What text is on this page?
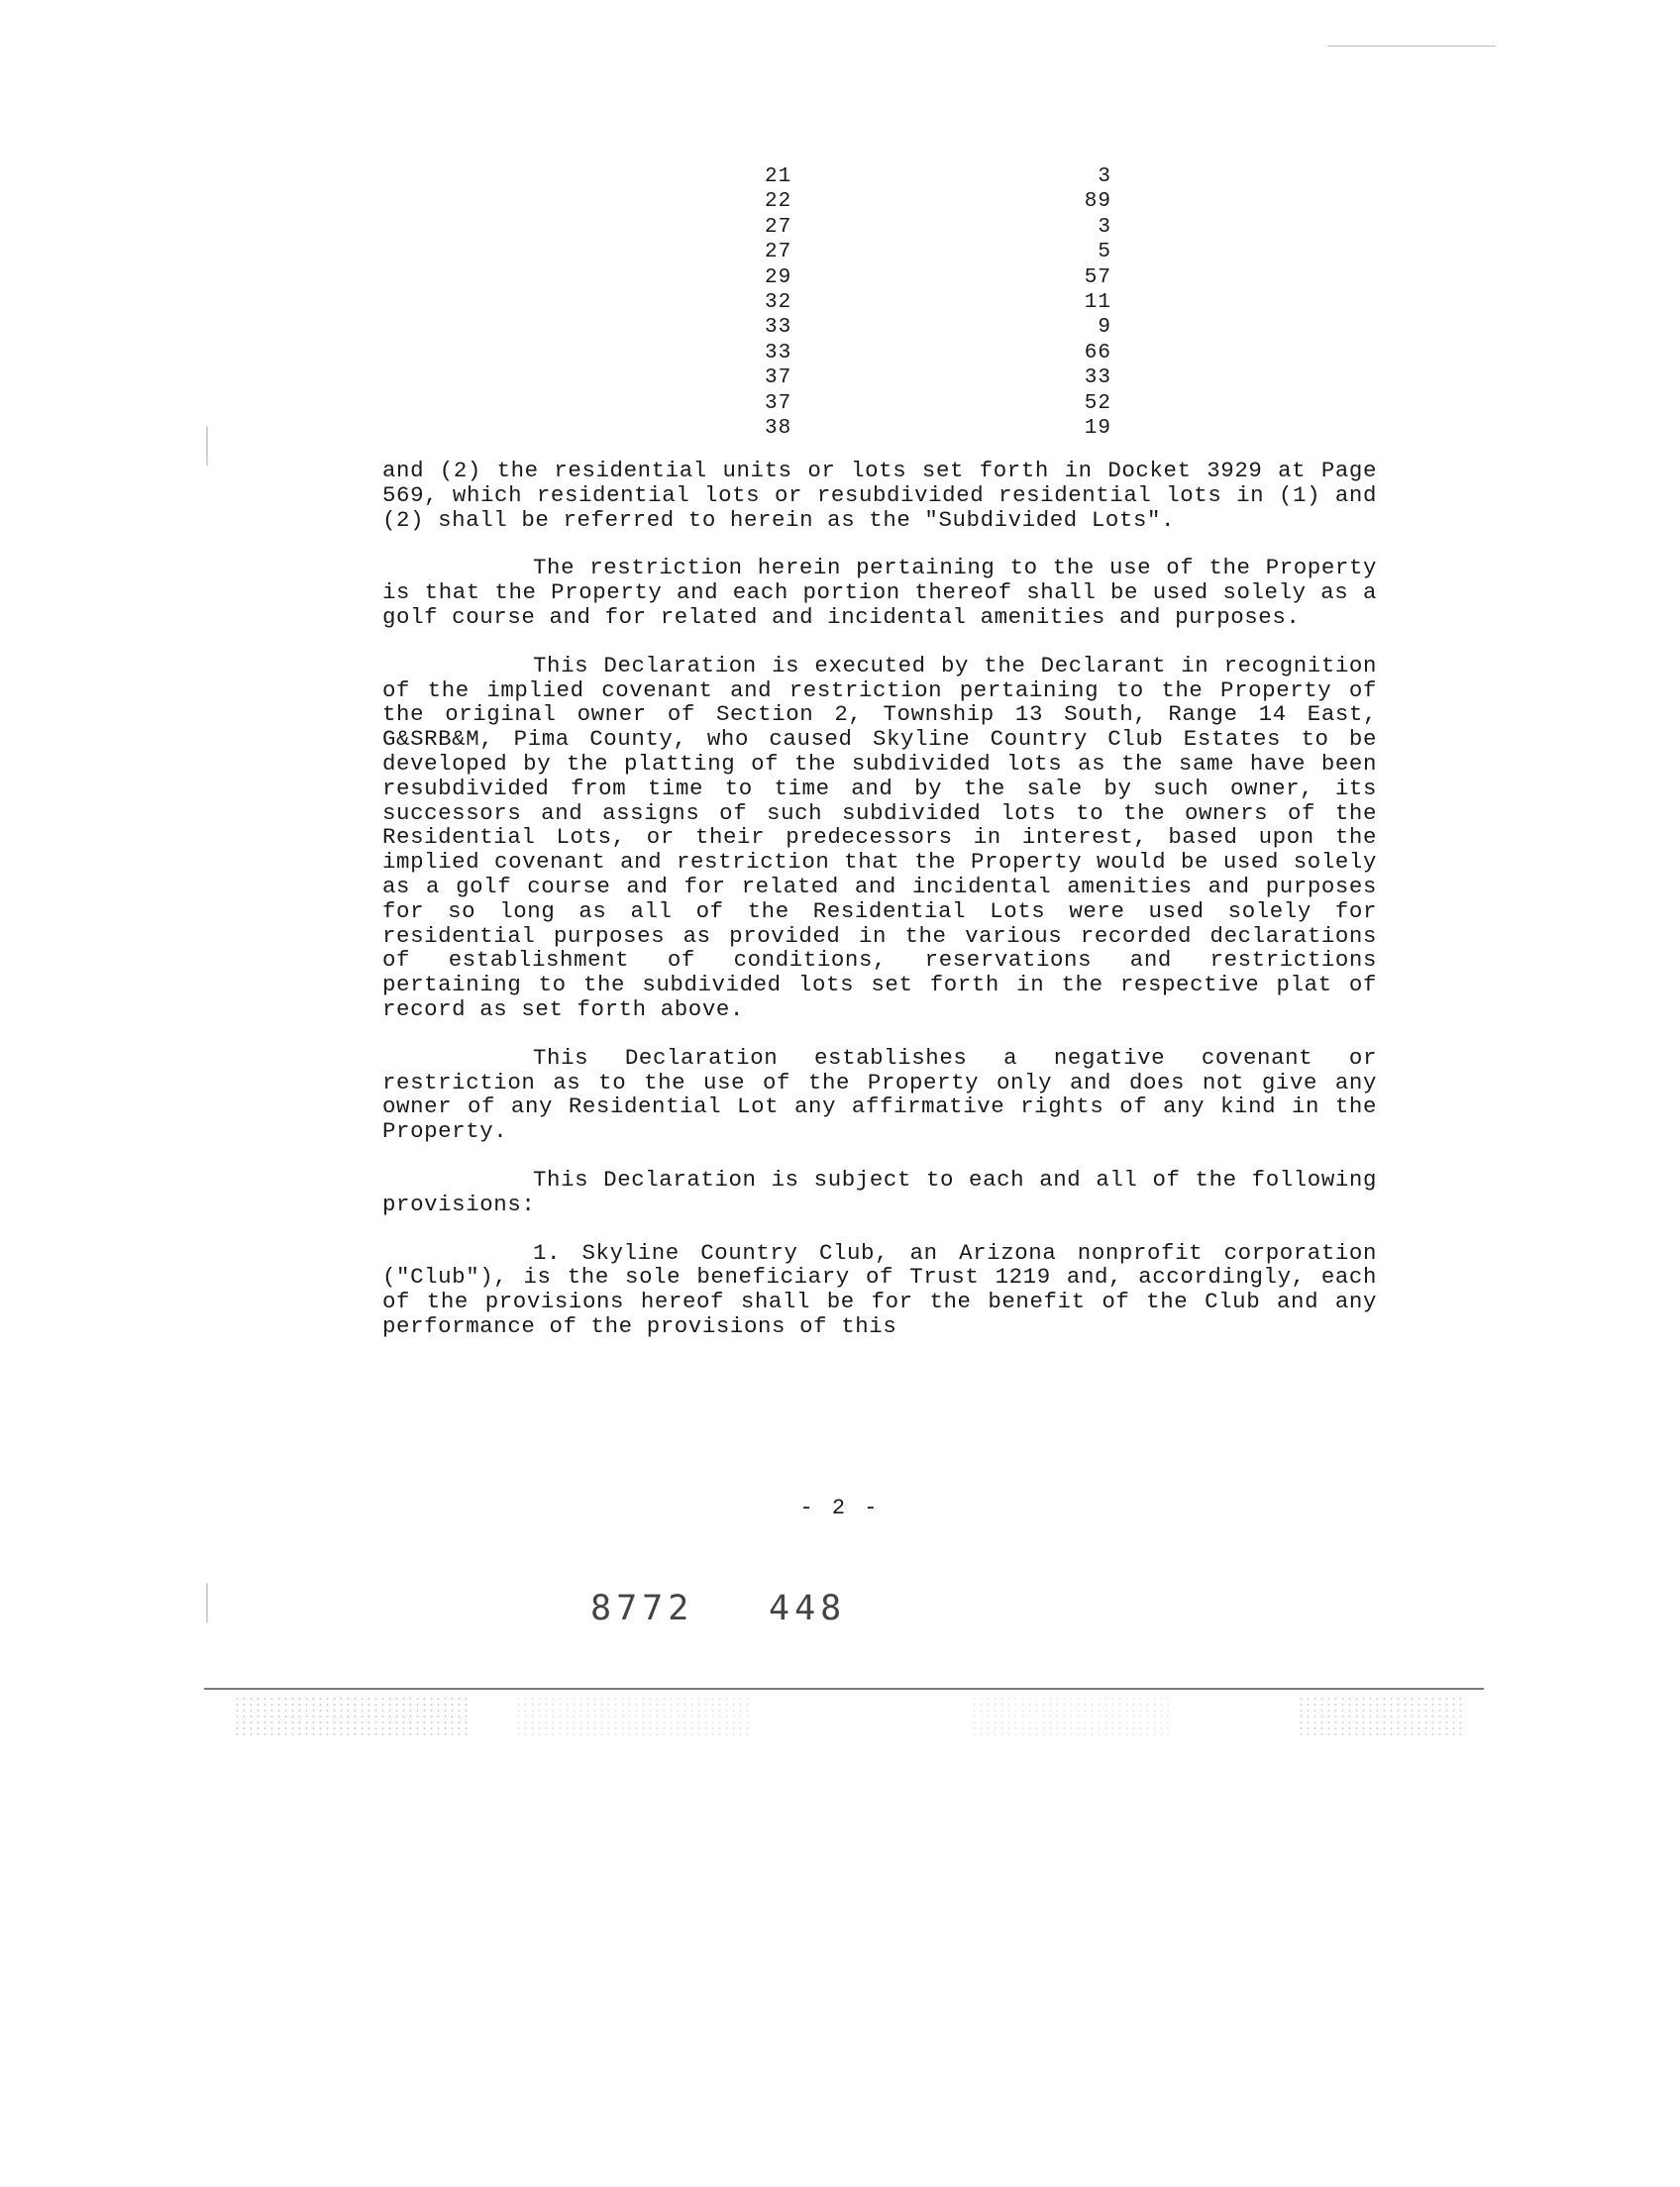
21	3
22	89
27	3
27	5
29	57
32	11
33	9
33	66
37	33
37	52
38	19

and (2) the residential units or lots set forth in Docket 3929 at Page 569, which residential lots or resubdivided residential lots in (1) and (2) shall be referred to herein as the "Subdivided Lots".

The restriction herein pertaining to the use of the Property is that the Property and each portion thereof shall be used solely as a golf course and for related and incidental amenities and purposes.

This Declaration is executed by the Declarant in recognition of the implied covenant and restriction pertaining to the Property of the original owner of Section 2, Township 13 South, Range 14 East, G&SRB&M, Pima County, who caused Skyline Country Club Estates to be developed by the platting of the subdivided lots as the same have been resubdivided from time to time and by the sale by such owner, its successors and assigns of such subdivided lots to the owners of the Residential Lots, or their predecessors in interest, based upon the implied covenant and restriction that the Property would be used solely as a golf course and for related and incidental amenities and purposes for so long as all of the Residential Lots were used solely for residential purposes as provided in the various recorded declarations of establishment of conditions, reservations and restrictions pertaining to the subdivided lots set forth in the respective plat of record as set forth above.

This Declaration establishes a negative covenant or restriction as to the use of the Property only and does not give any owner of any Residential Lot any affirmative rights of any kind in the Property.

This Declaration is subject to each and all of the following provisions:

1. Skyline Country Club, an Arizona nonprofit corporation ("Club"), is the sole beneficiary of Trust 1219 and, accordingly, each of the provisions hereof shall be for the benefit of the Club and any performance of the provisions of this

- 2 -
8772 448
